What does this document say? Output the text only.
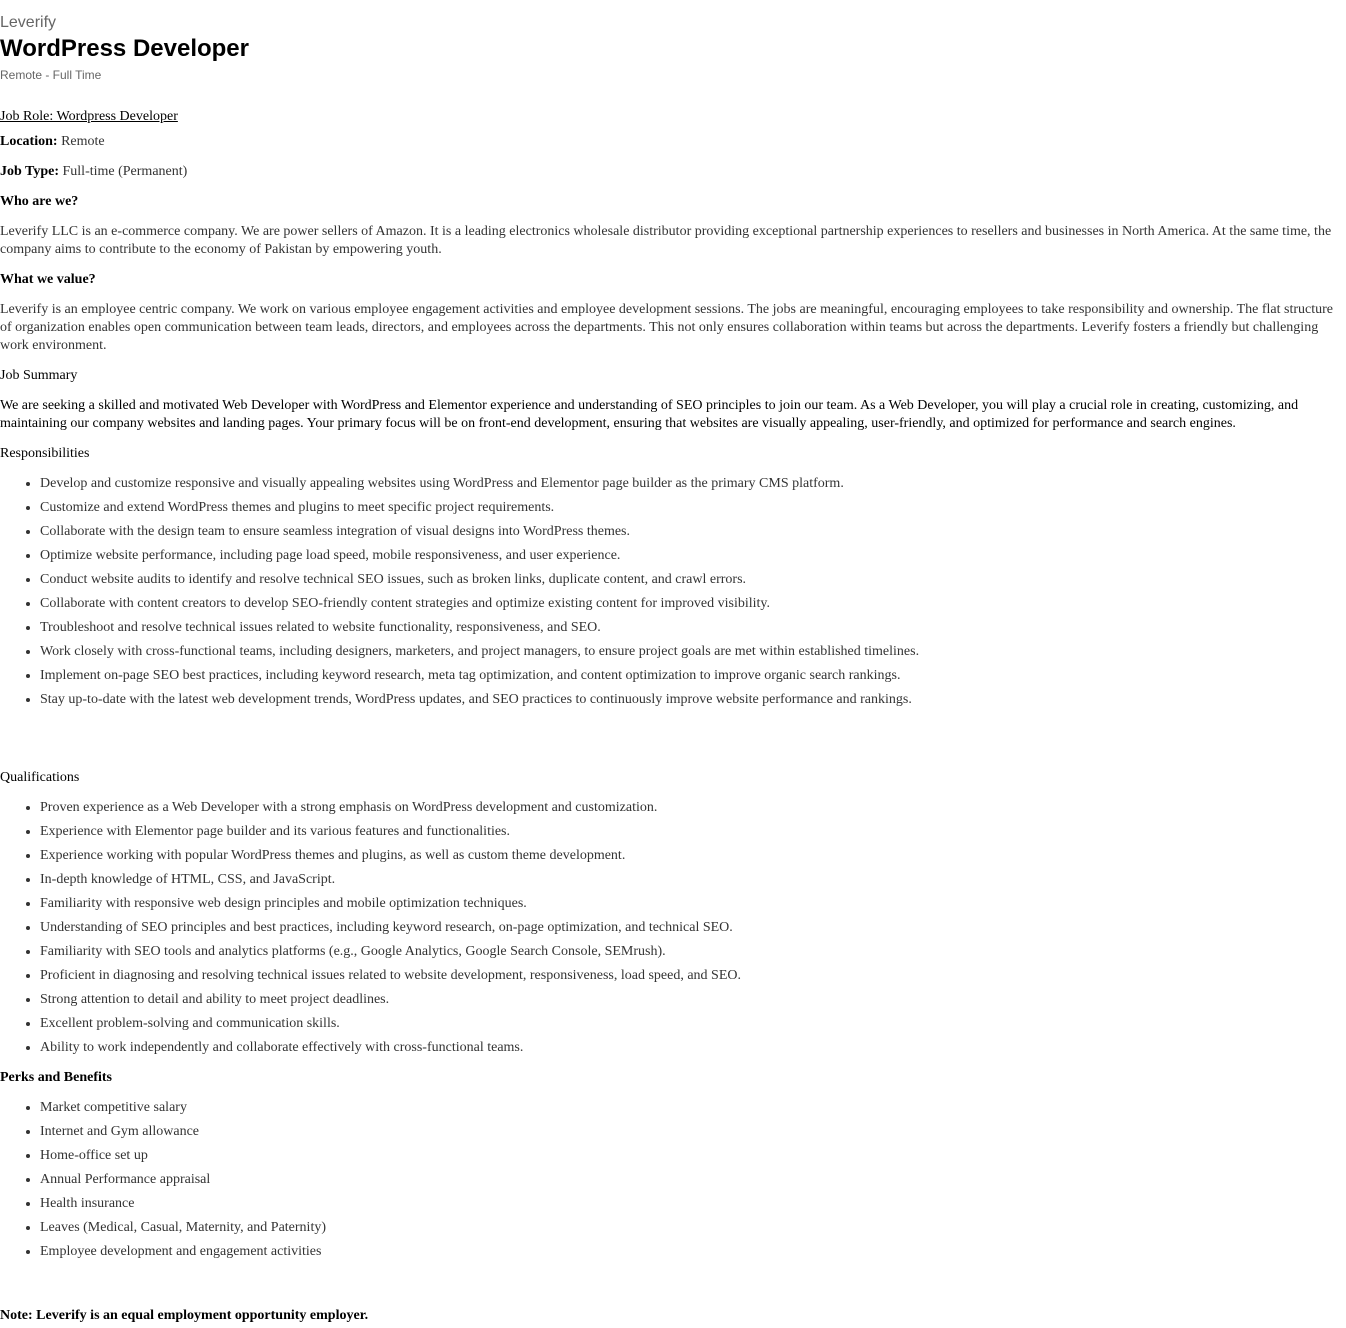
Leverify
WordPress Developer
Remote - Full Time

Job Role: Wordpress Developer

Location: Remote

Job Type: Full-time (Permanent)

Who are we?

Leverify LLC is an e-commerce company. We are power sellers of Amazon. It is a leading electronics wholesale distributor providing exceptional partnership experiences to resellers and businesses in North America. At the same time, the company aims to contribute to the economy of Pakistan by empowering youth.

What we value?

Leverify is an employee centric company. We work on various employee engagement activities and employee development sessions. The jobs are meaningful, encouraging employees to take responsibility and ownership. The flat structure of organization enables open communication between team leads, directors, and employees across the departments. This not only ensures collaboration within teams but across the departments. Leverify fosters a friendly but challenging work environment.

Job Summary

We are seeking a skilled and motivated Web Developer with WordPress and Elementor experience and understanding of SEO principles to join our team. As a Web Developer, you will play a crucial role in creating, customizing, and maintaining our company websites and landing pages. Your primary focus will be on front-end development, ensuring that websites are visually appealing, user-friendly, and optimized for performance and search engines.

Responsibilities

• Develop and customize responsive and visually appealing websites using WordPress and Elementor page builder as the primary CMS platform.
• Customize and extend WordPress themes and plugins to meet specific project requirements.
• Collaborate with the design team to ensure seamless integration of visual designs into WordPress themes.
• Optimize website performance, including page load speed, mobile responsiveness, and user experience.
• Conduct website audits to identify and resolve technical SEO issues, such as broken links, duplicate content, and crawl errors.
• Collaborate with content creators to develop SEO-friendly content strategies and optimize existing content for improved visibility.
• Troubleshoot and resolve technical issues related to website functionality, responsiveness, and SEO.
• Work closely with cross-functional teams, including designers, marketers, and project managers, to ensure project goals are met within established timelines.
• Implement on-page SEO best practices, including keyword research, meta tag optimization, and content optimization to improve organic search rankings.
• Stay up-to-date with the latest web development trends, WordPress updates, and SEO practices to continuously improve website performance and rankings.

Qualifications

• Proven experience as a Web Developer with a strong emphasis on WordPress development and customization.
• Experience with Elementor page builder and its various features and functionalities.
• Experience working with popular WordPress themes and plugins, as well as custom theme development.
• In-depth knowledge of HTML, CSS, and JavaScript.
• Familiarity with responsive web design principles and mobile optimization techniques.
• Understanding of SEO principles and best practices, including keyword research, on-page optimization, and technical SEO.
• Familiarity with SEO tools and analytics platforms (e.g., Google Analytics, Google Search Console, SEMrush).
• Proficient in diagnosing and resolving technical issues related to website development, responsiveness, load speed, and SEO.
• Strong attention to detail and ability to meet project deadlines.
• Excellent problem-solving and communication skills.
• Ability to work independently and collaborate effectively with cross-functional teams.

Perks and Benefits

• Market competitive salary
• Internet and Gym allowance
• Home-office set up
• Annual Performance appraisal
• Health insurance
• Leaves (Medical, Casual, Maternity, and Paternity)
• Employee development and engagement activities

Note: Leverify is an equal employment opportunity employer.
